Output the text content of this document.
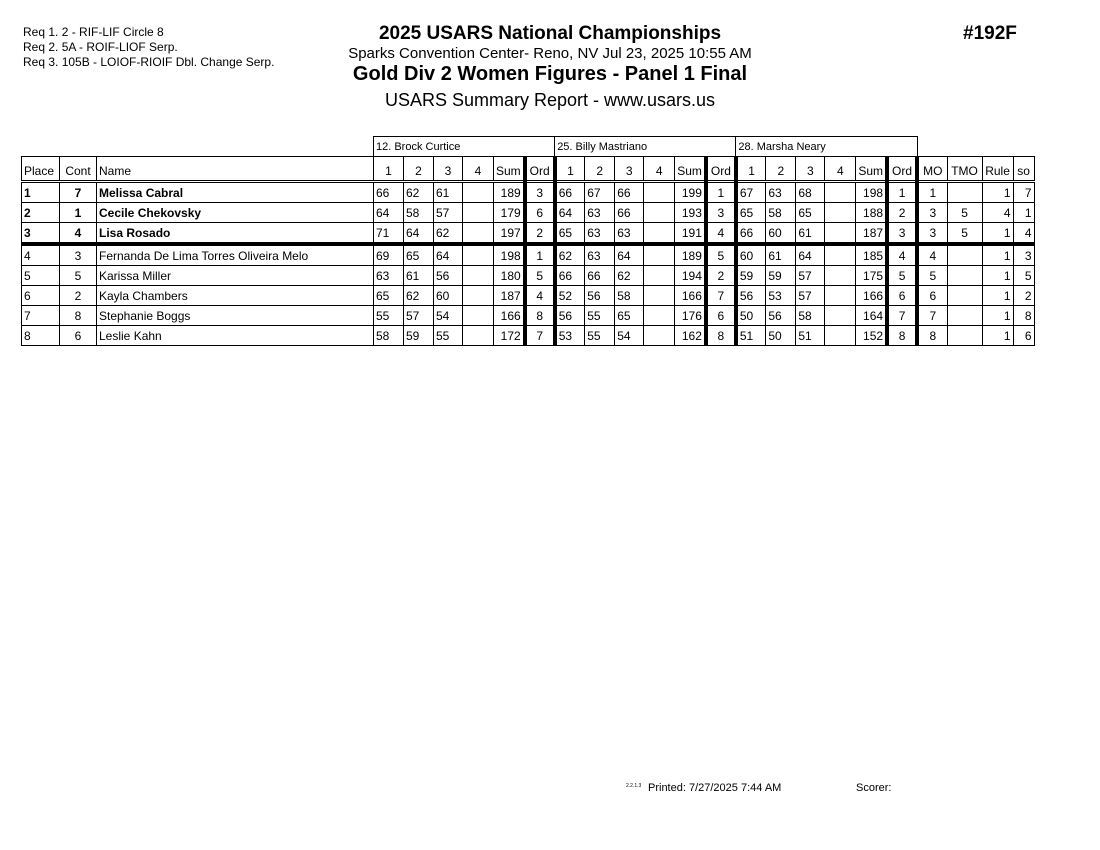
Req 1. 2 - RIF-LIF Circle 8
Req 2. 5A - ROIF-LIOF Serp.
Req 3. 105B - LOIOF-RIOIF Dbl. Change Serp.
2025 USARS National Championships
Sparks Convention Center- Reno, NV Jul 23, 2025 10:55 AM
Gold Div 2 Women Figures - Panel 1 Final
USARS Summary Report - www.usars.us
#192F
			12. Brock Curtice						25. Billy Mastriano						28. Marsha Neary									
Place	Cont	Name	1	2	3	4	Sum	Ord	1	2	3	4	Sum	Ord	1	2	3	4	Sum	Ord	MO	TMO	Rule	so
1	7	Melissa Cabral	66	62	61		189	3	66	67	66		199	1	67	63	68		198	1	1		1	7
2	1	Cecile Chekovsky	64	58	57		179	6	64	63	66		193	3	65	58	65		188	2	3	5	4	1
3	4	Lisa Rosado	71	64	62		197	2	65	63	63		191	4	66	60	61		187	3	3	5	1	4
4	3	Fernanda De Lima Torres Oliveira Melo	69	65	64		198	1	62	63	64		189	5	60	61	64		185	4	4		1	3
5	5	Karissa Miller	63	61	56		180	5	66	66	62		194	2	59	59	57		175	5	5		1	5
6	2	Kayla Chambers	65	62	60		187	4	52	56	58		166	7	56	53	57		166	6	6		1	2
7	8	Stephanie Boggs	55	57	54		166	8	56	55	65		176	6	50	56	58		164	7	7		1	8
8	6	Leslie Kahn	58	59	55		172	7	53	55	54		162	8	51	50	51		152	8	8		1	6
2.2.1.3 Printed: 7/27/2025 7:44 AM	Scorer:
